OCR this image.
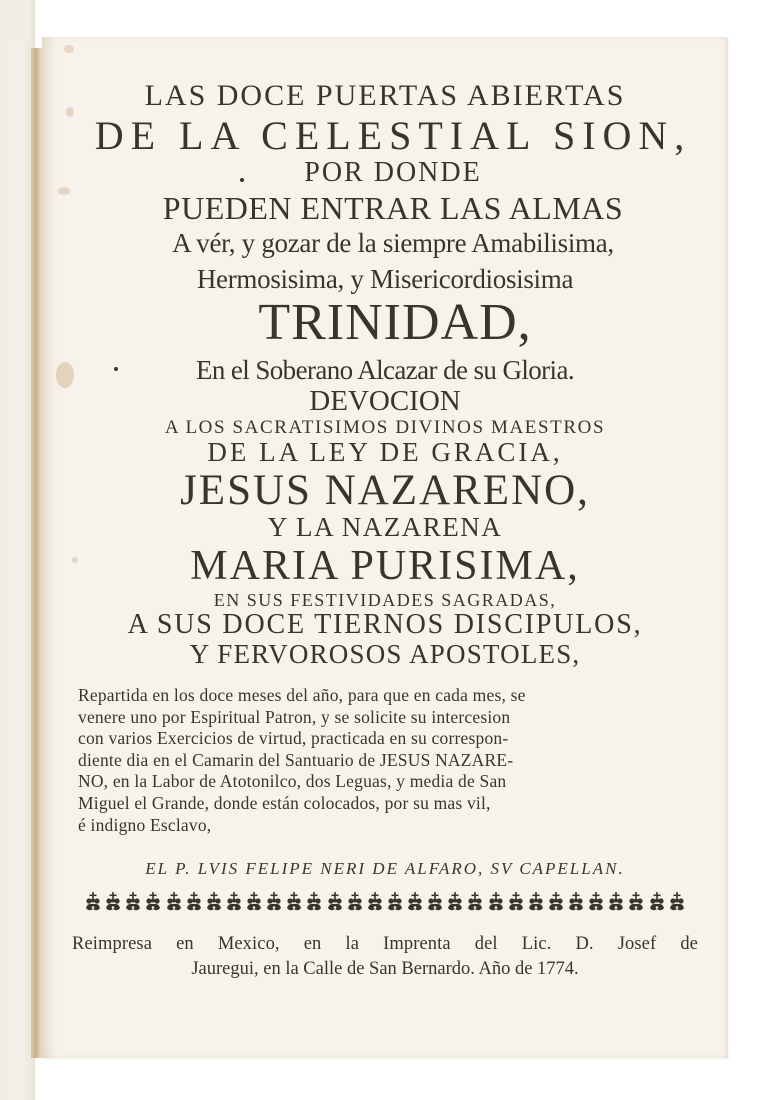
LAS DOCE PUERTAS ABIERTAS
DE LA CELESTIAL SION,
POR DONDE
PUEDEN ENTRAR LAS ALMAS
A vér, y gozar de la siempre Amabilisima,
Hermosisima, y Misericordiosisima
TRINIDAD,
En el Soberano Alcazar de su Gloria.
DEVOCION
A LOS SACRATISIMOS DIVINOS MAESTROS
DE LA LEY DE GRACIA,
JESUS NAZARENO,
Y LA NAZARENA
MARIA PURISIMA,
EN SUS FESTIVIDADES SAGRADAS,
A SUS DOCE TIERNOS DISCIPULOS,
Y FERVOROSOS APOSTOLES,
Repartida en los doce meses del año, para que en cada mes, se
venere uno por Espiritual Patron, y se solicite su intercesion
con varios Exercicios de virtud, practicada en su correspon-
diente dia en el Camarin del Santuario de JESUS NAZARE-
NO, en la Labor de Atotonilco, dos Leguas, y media de San
Miguel el Grande, donde están colocados, por su mas vil,
é indigno Esclavo,
EL P. LVIS FELIPE NERI DE ALFARO, SV CAPELLAN.
Reimpresa en Mexico, en la Imprenta del Lic. D. Josef de
Jauregui, en la Calle de San Bernardo. Año de 1774.
